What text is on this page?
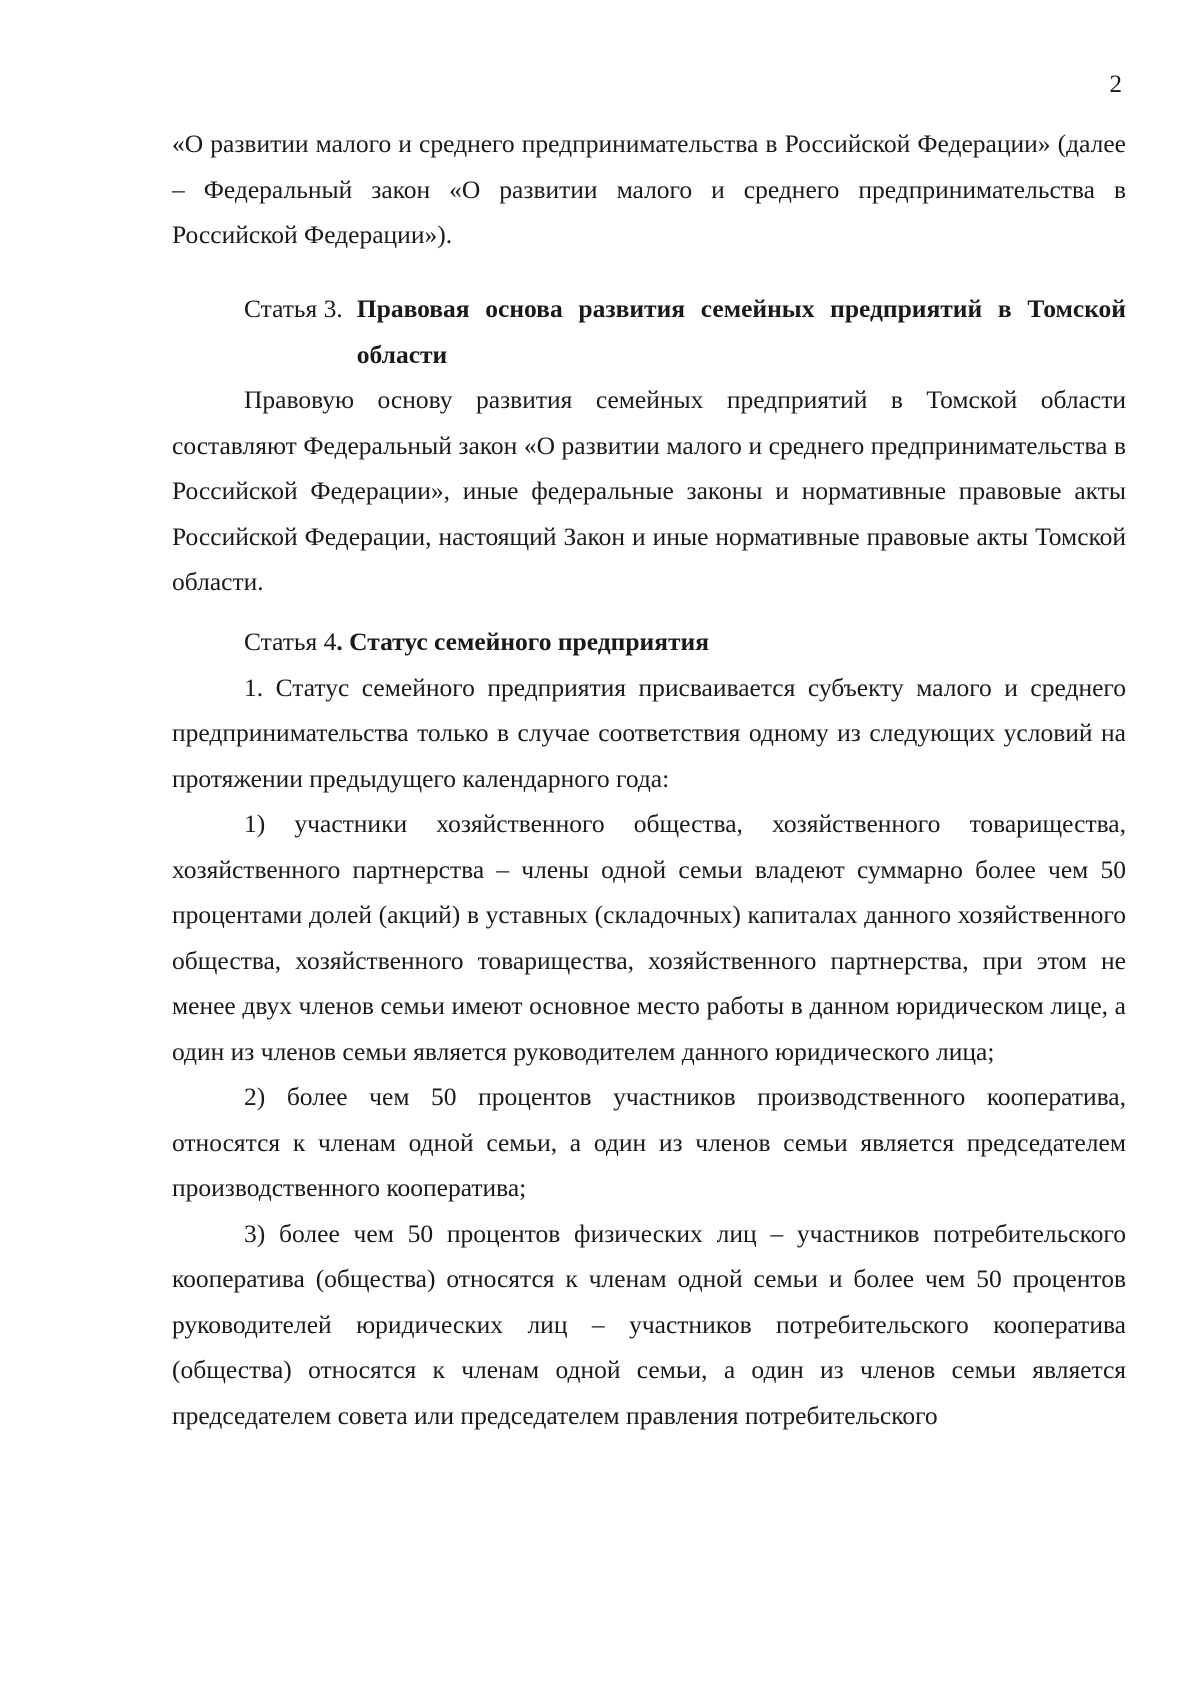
2

«О развитии малого и среднего предпринимательства в Российской Федерации» (далее – Федеральный закон «О развитии малого и среднего предпринимательства в Российской Федерации»).

Статья 3. Правовая основа развития семейных предприятий в Томской области

Правовую основу развития семейных предприятий в Томской области составляют Федеральный закон «О развитии малого и среднего предпринимательства в Российской Федерации», иные федеральные законы и нормативные правовые акты Российской Федерации, настоящий Закон и иные нормативные правовые акты Томской области.

Статья 4. Статус семейного предприятия

1. Статус семейного предприятия присваивается субъекту малого и среднего предпринимательства только в случае соответствия одному из следующих условий на протяжении предыдущего календарного года:

1) участники хозяйственного общества, хозяйственного товарищества, хозяйственного партнерства – члены одной семьи владеют суммарно более чем 50 процентами долей (акций) в уставных (складочных) капиталах данного хозяйственного общества, хозяйственного товарищества, хозяйственного партнерства, при этом не менее двух членов семьи имеют основное место работы в данном юридическом лице, а один из членов семьи является руководителем данного юридического лица;

2) более чем 50 процентов участников производственного кооператива, относятся к членам одной семьи, а один из членов семьи является председателем производственного кооператива;

3) более чем 50 процентов физических лиц – участников потребительского кооператива (общества) относятся к членам одной семьи и более чем 50 процентов руководителей юридических лиц – участников потребительского кооператива (общества) относятся к членам одной семьи, а один из членов семьи является председателем совета или председателем правления потребительского
